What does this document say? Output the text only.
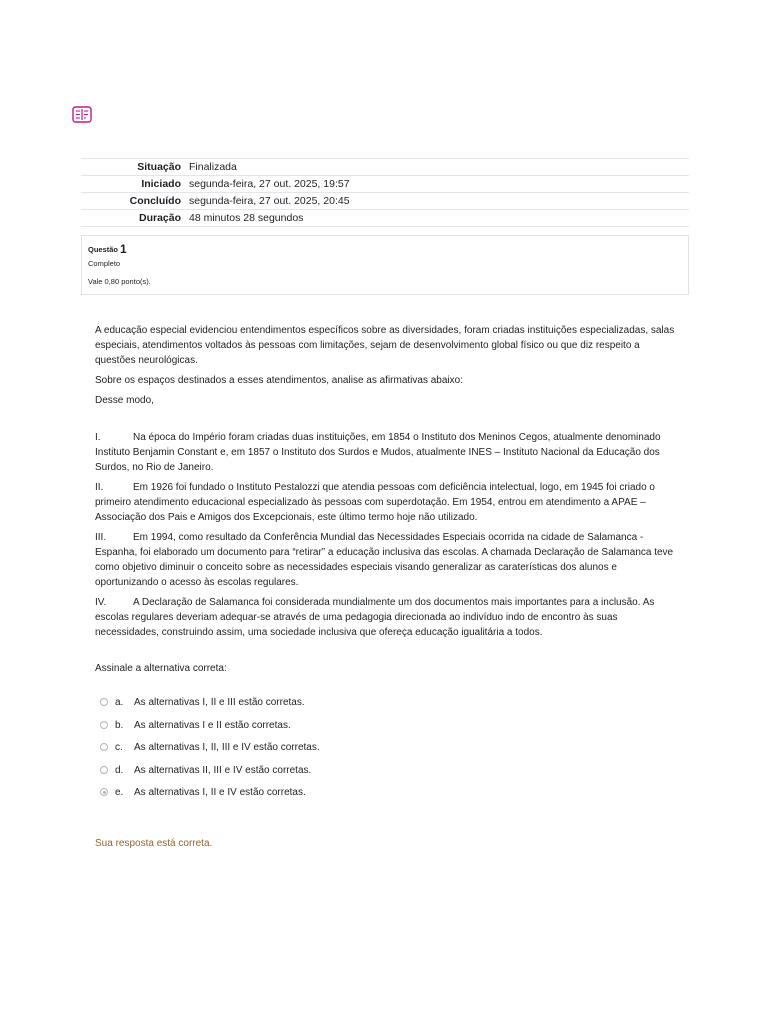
Situação	Finalizada
Iniciado	segunda-feira, 27 out. 2025, 19:57
Concluído	segunda-feira, 27 out. 2025, 20:45
Duração	48 minutos 28 segundos
Questão 1
Completo
Vale 0,80 ponto(s).

A educação especial evidenciou entendimentos específicos sobre as diversidades, foram criadas instituições especializadas, salas especiais, atendimentos voltados às pessoas com limitações, sejam de desenvolvimento global físico ou que diz respeito a questões neurológicas.

Sobre os espaços destinados a esses atendimentos, analise as afirmativas abaixo:

Desse modo,

I.	Na época do Império foram criadas duas instituições, em 1854 o Instituto dos Meninos Cegos, atualmente denominado Instituto Benjamin Constant e, em 1857 o Instituto dos Surdos e Mudos, atualmente INES – Instituto Nacional da Educação dos Surdos, no Rio de Janeiro.

II.	Em 1926 foi fundado o Instituto Pestalozzi que atendia pessoas com deficiência intelectual, logo, em 1945 foi criado o primeiro atendimento educacional especializado às pessoas com superdotação. Em 1954, entrou em atendimento a APAE – Associação dos Pais e Amigos dos Excepcionais, este último termo hoje não utilizado.

III.	Em 1994, como resultado da Conferência Mundial das Necessidades Especiais ocorrida na cidade de Salamanca - Espanha, foi elaborado um documento para “retirar” a educação inclusiva das escolas. A chamada Declaração de Salamanca teve como objetivo diminuir o conceito sobre as necessidades especiais visando generalizar as caraterísticas dos alunos e oportunizando o acesso às escolas regulares.

IV.	A Declaração de Salamanca foi considerada mundialmente um dos documentos mais importantes para a inclusão. As escolas regulares deveriam adequar-se através de uma pedagogia direcionada ao indivíduo indo de encontro às suas necessidades, construindo assim, uma sociedade inclusiva que ofereça educação igualitária a todos.

Assinale a alternativa correta:
a. As alternativas I, II e III estão corretas.
b. As alternativas I e II estão corretas.
c. As alternativas I, II, III e IV estão corretas.
d. As alternativas II, III e IV estão corretas.
e. As alternativas I, II e IV estão corretas.
Sua resposta está correta.
